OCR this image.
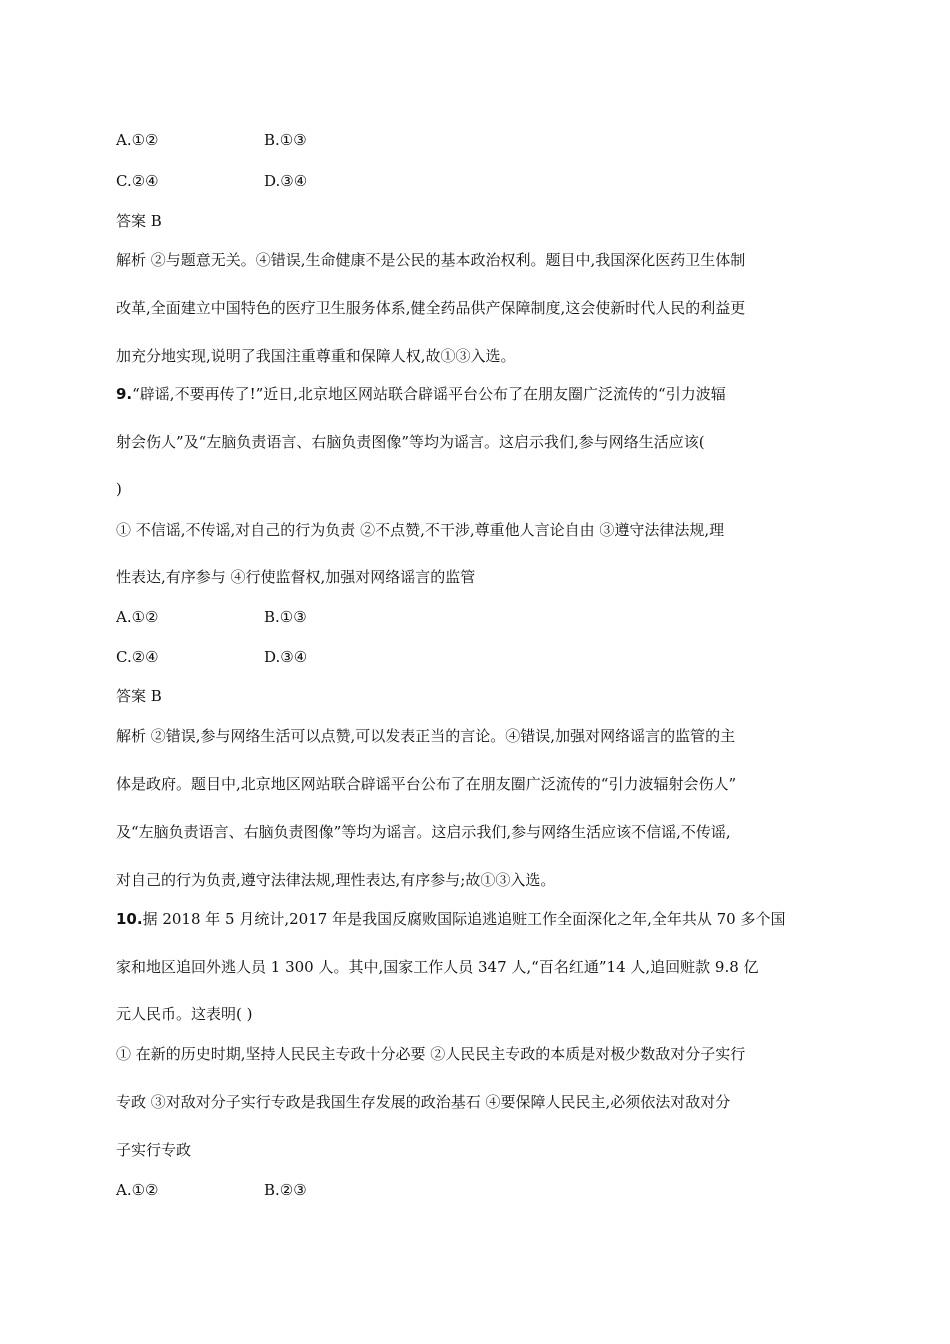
A.①②	B.①③
C.②④	D.③④
答案 B
解析 ②与题意无关。④错误,生命健康不是公民的基本政治权利。题目中,我国深化医药卫生体制
改革,全面建立中国特色的医疗卫生服务体系,健全药品供产保障制度,这会使新时代人民的利益更
加充分地实现,说明了我国注重尊重和保障人权,故①③入选。
9.“辟谣,不要再传了!”近日,北京地区网站联合辟谣平台公布了在朋友圈广泛流传的“引力波辐
射会伤人”及“左脑负责语言、右脑负责图像”等均为谣言。这启示我们,参与网络生活应该(
)
① 不信谣,不传谣,对自己的行为负责 ②不点赞,不干涉,尊重他人言论自由 ③遵守法律法规,理
性表达,有序参与 ④行使监督权,加强对网络谣言的监管
A.①②	B.①③
C.②④	D.③④
答案 B
解析 ②错误,参与网络生活可以点赞,可以发表正当的言论。④错误,加强对网络谣言的监管的主
体是政府。题目中,北京地区网站联合辟谣平台公布了在朋友圈广泛流传的“引力波辐射会伤人”
及“左脑负责语言、右脑负责图像”等均为谣言。这启示我们,参与网络生活应该不信谣,不传谣,
对自己的行为负责,遵守法律法规,理性表达,有序参与;故①③入选。
10.据 2018 年 5 月统计,2017 年是我国反腐败国际追逃追赃工作全面深化之年,全年共从 70 多个国
家和地区追回外逃人员 1 300 人。其中,国家工作人员 347 人,“百名红通”14 人,追回赃款 9.8 亿
元人民币。这表明( )
① 在新的历史时期,坚持人民民主专政十分必要 ②人民民主专政的本质是对极少数敌对分子实行
专政 ③对敌对分子实行专政是我国生存发展的政治基石 ④要保障人民民主,必须依法对敌对分
子实行专政
A.①②	B.②③
